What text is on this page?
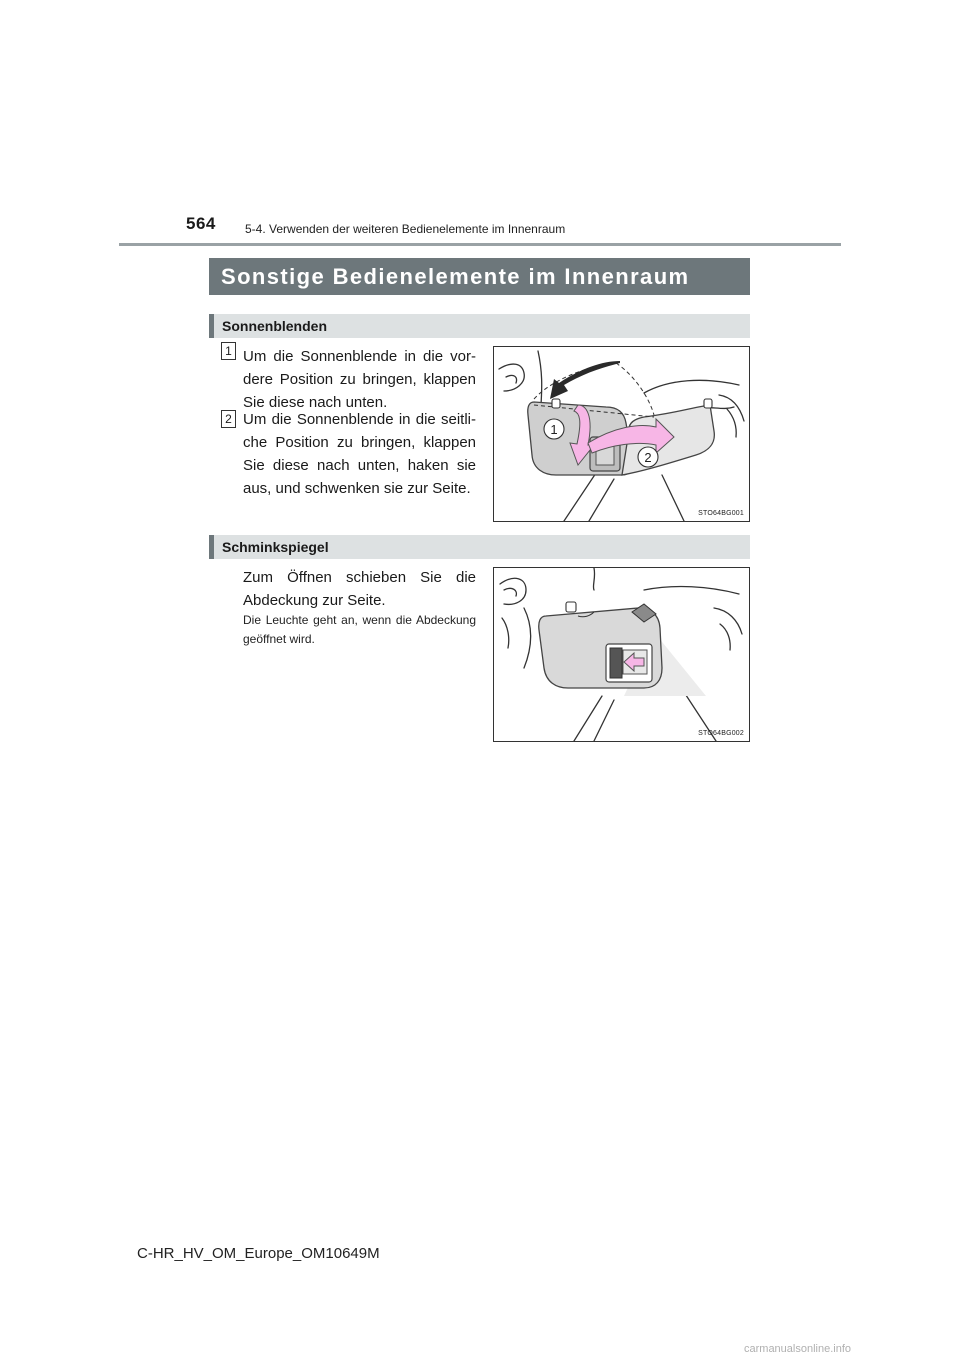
564 5-4. Verwenden der weiteren Bedienelemente im Innenraum
Sonstige Bedienelemente im Innenraum
Sonnenblenden
1 Um die Sonnenblende in die vordere Position zu bringen, klappen Sie diese nach unten.
2 Um die Sonnenblende in die seitliche Position zu bringen, klappen Sie diese nach unten, haken sie aus, und schwenken sie zur Seite.
1
2
STO64BG001
Schminkspiegel
Zum Öffnen schieben Sie die Abdeckung zur Seite.
Die Leuchte geht an, wenn die Abdeckung geöffnet wird.
STO64BG002
C-HR_HV_OM_Europe_OM10649M
carmanualsonline.info
